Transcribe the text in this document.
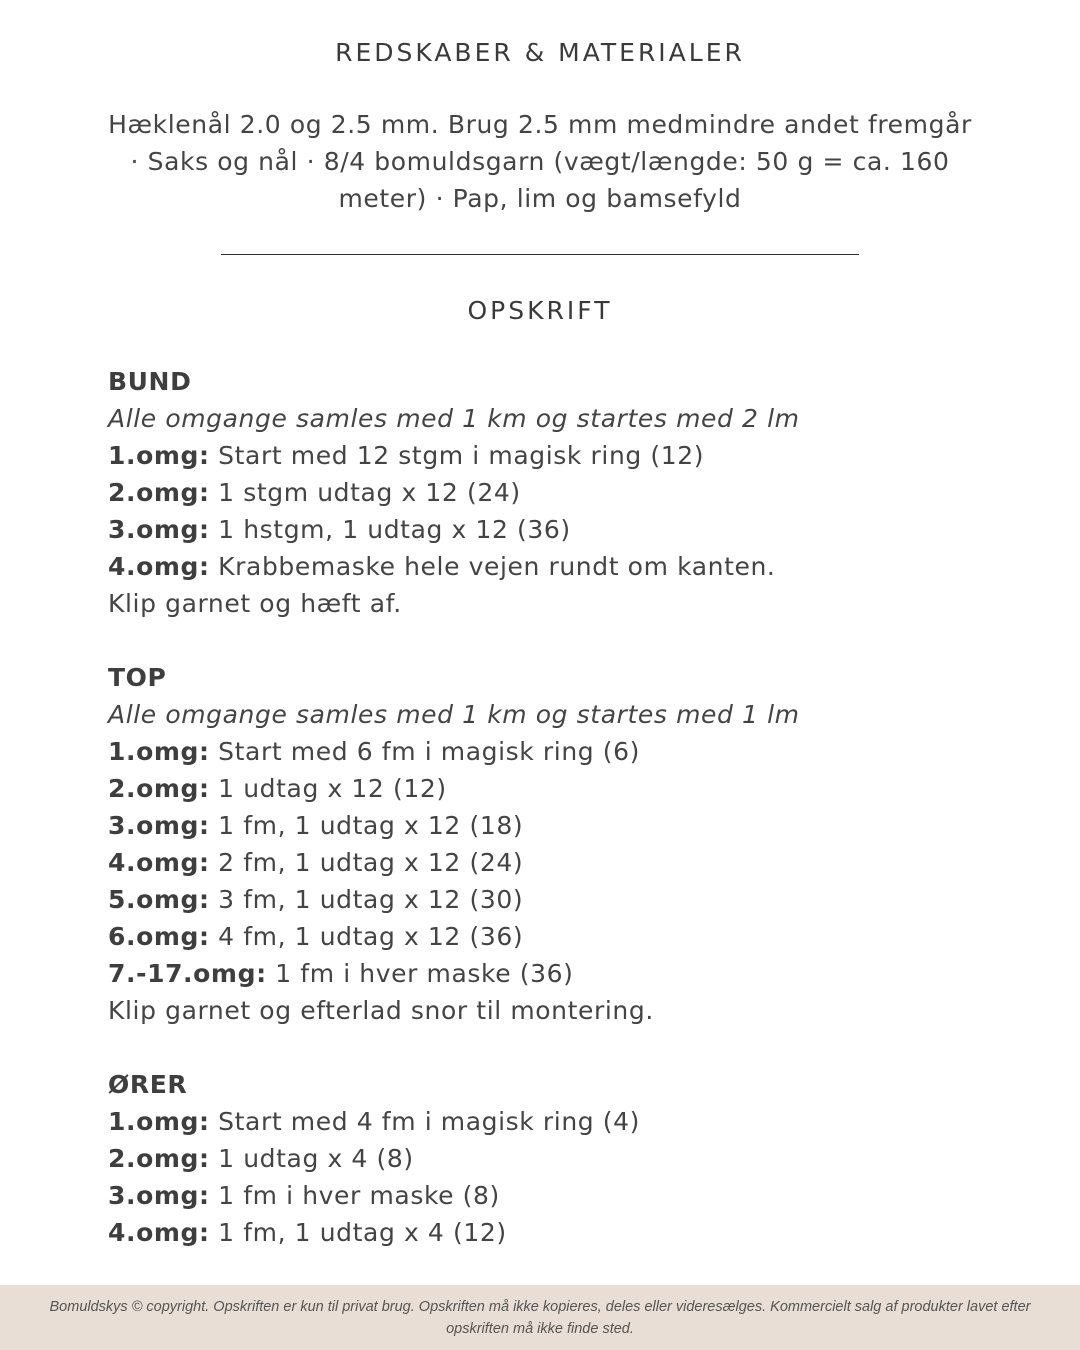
REDSKABER & MATERIALER

Hæklenål 2.0 og 2.5 mm. Brug 2.5 mm medmindre andet fremgår · Saks og nål · 8/4 bomuldsgarn (vægt/længde: 50 g = ca. 160 meter) · Pap, lim og bamsefyld

OPSKRIFT
BUND
Alle omgange samles med 1 km og startes med 2 lm
1.omg: Start med 12 stgm i magisk ring (12)
2.omg: 1 stgm udtag x 12 (24)
3.omg: 1 hstgm, 1 udtag x 12 (36)
4.omg: Krabbemaske hele vejen rundt om kanten.
Klip garnet og hæft af.
TOP
Alle omgange samles med 1 km og startes med 1 lm
1.omg: Start med 6 fm i magisk ring (6)
2.omg: 1 udtag x 12 (12)
3.omg: 1 fm, 1 udtag x 12 (18)
4.omg: 2 fm, 1 udtag x 12 (24)
5.omg: 3 fm, 1 udtag x 12 (30)
6.omg: 4 fm, 1 udtag x 12 (36)
7.-17.omg: 1 fm i hver maske (36)
Klip garnet og efterlad snor til montering.
ØRER
1.omg: Start med 4 fm i magisk ring (4)
2.omg: 1 udtag x 4 (8)
3.omg: 1 fm i hver maske (8)
4.omg: 1 fm, 1 udtag x 4 (12)

Bomuldskys © copyright. Opskriften er kun til privat brug. Opskriften må ikke kopieres, deles eller videresælges. Kommercielt salg af produkter lavet efter opskriften må ikke finde sted.
